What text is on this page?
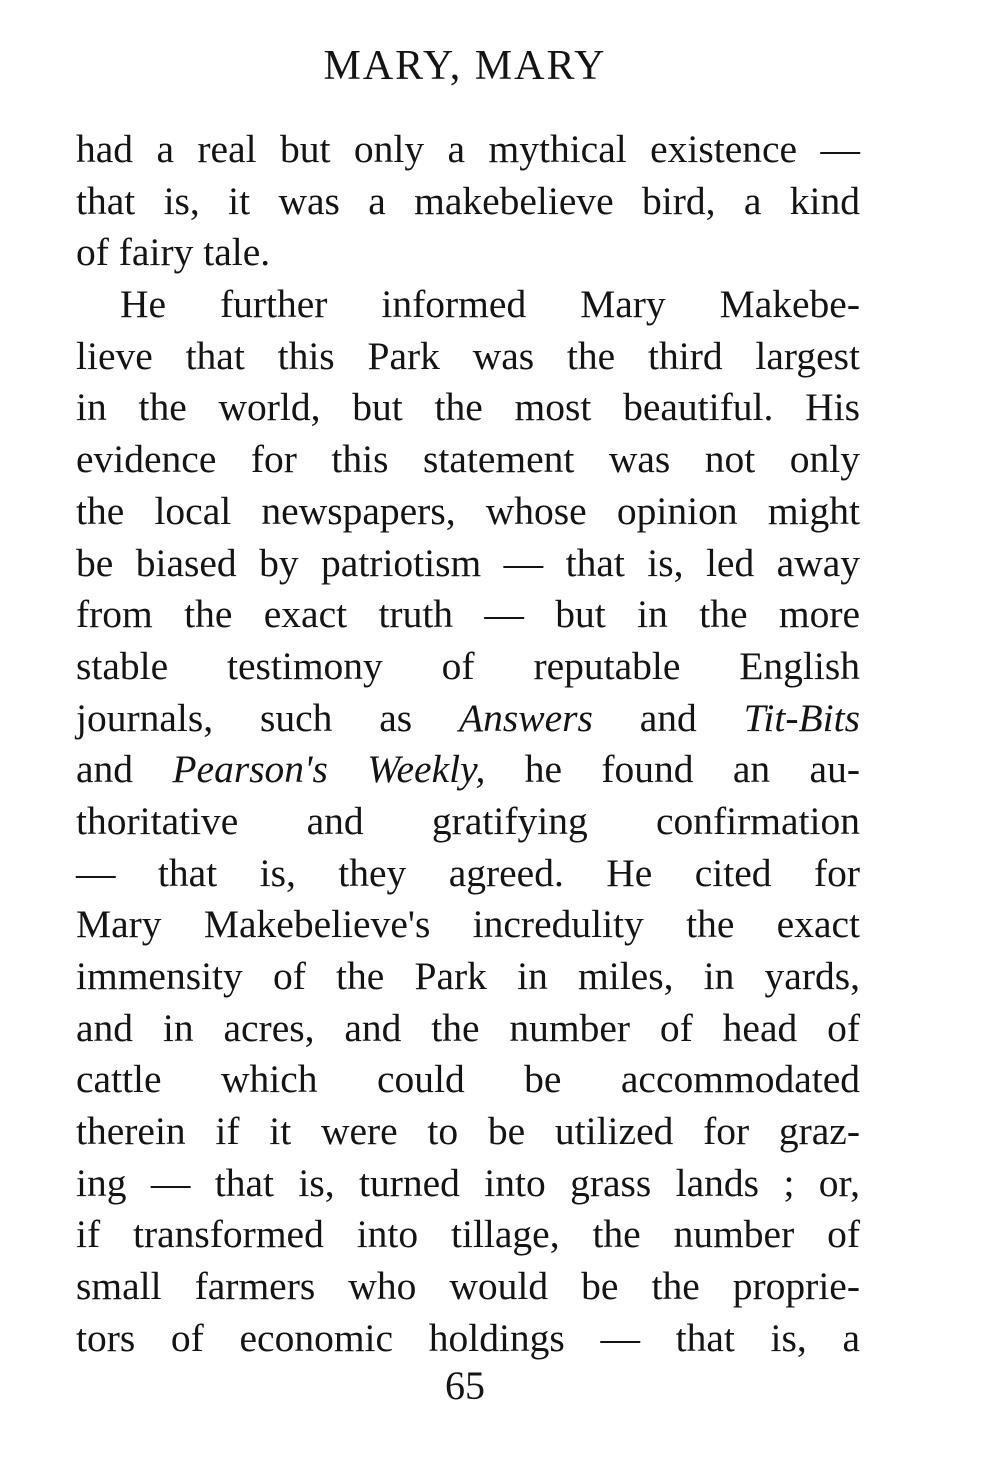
MARY, MARY
had a real but only a mythical existence —
that is, it was a makebelieve bird, a kind
of fairy tale.
He further informed Mary Makebe-
lieve that this Park was the third largest
in the world, but the most beautiful. His
evidence for this statement was not only
the local newspapers, whose opinion might
be biased by patriotism — that is, led away
from the exact truth — but in the more
stable testimony of reputable English
journals, such as Answers and Tit-Bits
and Pearson's Weekly, he found an au-
thoritative and gratifying confirmation
— that is, they agreed. He cited for
Mary Makebelieve's incredulity the exact
immensity of the Park in miles, in yards,
and in acres, and the number of head of
cattle which could be accommodated
therein if it were to be utilized for graz-
ing — that is, turned into grass lands ; or,
if transformed into tillage, the number of
small farmers who would be the proprie-
tors of economic holdings — that is, a
65
